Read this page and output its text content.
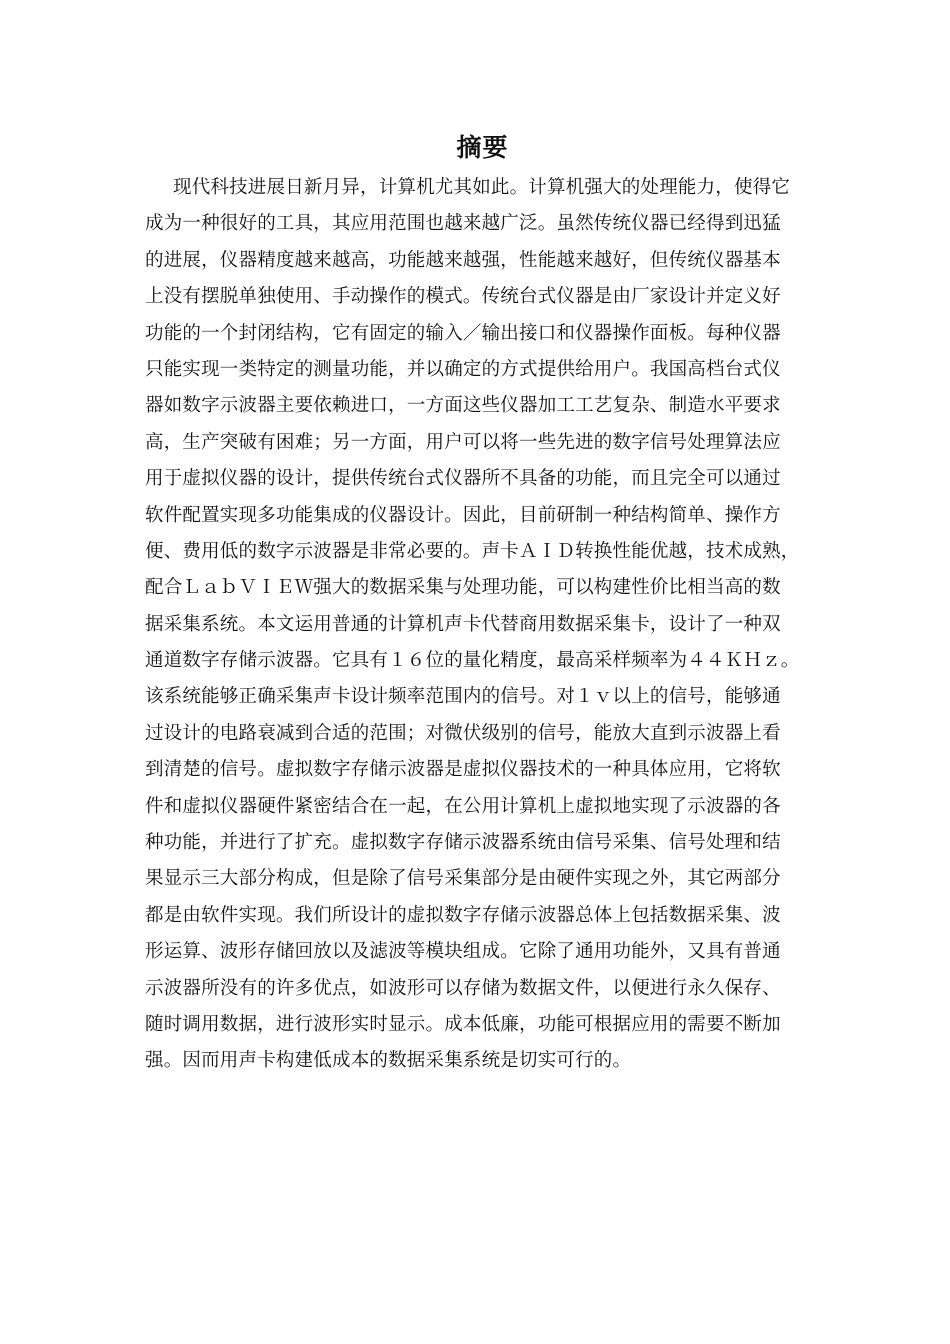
摘要
现代科技进展日新月异，计算机尤其如此。计算机强大的处理能力，使得它
成为一种很好的工具，其应用范围也越来越广泛。虽然传统仪器已经得到迅猛
的进展，仪器精度越来越高，功能越来越强，性能越来越好，但传统仪器基本
上没有摆脱单独使用、手动操作的模式。传统台式仪器是由厂家设计并定义好
功能的一个封闭结构，它有固定的输入／输出接口和仪器操作面板。每种仪器
只能实现一类特定的测量功能，并以确定的方式提供给用户。我国高档台式仪
器如数字示波器主要依赖进口，一方面这些仪器加工工艺复杂、制造水平要求
高，生产突破有困难；另一方面，用户可以将一些先进的数字信号处理算法应
用于虚拟仪器的设计，提供传统台式仪器所不具备的功能，而且完全可以通过
软件配置实现多功能集成的仪器设计。因此，目前研制一种结构简单、操作方
便、费用低的数字示波器是非常必要的。声卡ＡＩＤ转换性能优越，技术成熟，
配合ＬａｂＶＩＥＷ强大的数据采集与处理功能，可以构建性价比相当高的数
据采集系统。本文运用普通的计算机声卡代替商用数据采集卡，设计了一种双
通道数字存储示波器。它具有１６位的量化精度，最高采样频率为４４ＫＨｚ。
该系统能够正确采集声卡设计频率范围内的信号。对１ｖ以上的信号，能够通
过设计的电路衰减到合适的范围；对微伏级别的信号，能放大直到示波器上看
到清楚的信号。虚拟数字存储示波器是虚拟仪器技术的一种具体应用，它将软
件和虚拟仪器硬件紧密结合在一起，在公用计算机上虚拟地实现了示波器的各
种功能，并进行了扩充。虚拟数字存储示波器系统由信号采集、信号处理和结
果显示三大部分构成，但是除了信号采集部分是由硬件实现之外，其它两部分
都是由软件实现。我们所设计的虚拟数字存储示波器总体上包括数据采集、波
形运算、波形存储回放以及滤波等模块组成。它除了通用功能外，又具有普通
示波器所没有的许多优点，如波形可以存储为数据文件，以便进行永久保存、
随时调用数据，进行波形实时显示。成本低廉，功能可根据应用的需要不断加
强。因而用声卡构建低成本的数据采集系统是切实可行的。
